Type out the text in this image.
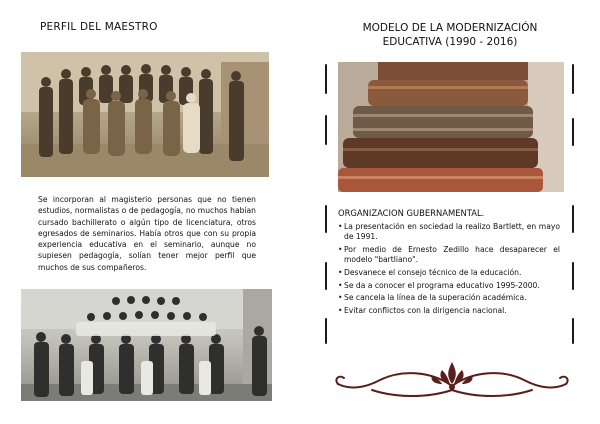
PERFIL DEL MAESTRO
Se incorporan al magisterio personas que no tienen estudios, normalistas o de pedagogía, no muchos habían cursado bachillerato o algún tipo de licenciatura, otros egresados de seminarios. Había otros que con su propia experiencia educativa en el seminario, aunque no supiesen pedagogía, solían tener mejor perfil que muchos de sus compañeros.
MODELO DE LA MODERNIZACIÓN
EDUCATIVA (1990 - 2016)
ORGANIZACION GUBERNAMENTAL.
• La presentación en sociedad la realizo Bartlett, en mayo de 1991.
• Por medio de Ernesto Zedillo hace desaparecer el modelo "bartliano".
• Desvanece el consejo técnico de la educación.
• Se da a conocer el programa educativo 1995-2000.
• Se cancela la línea de la superación académica.
• Evitar conflictos con la dirigencia nacional.
